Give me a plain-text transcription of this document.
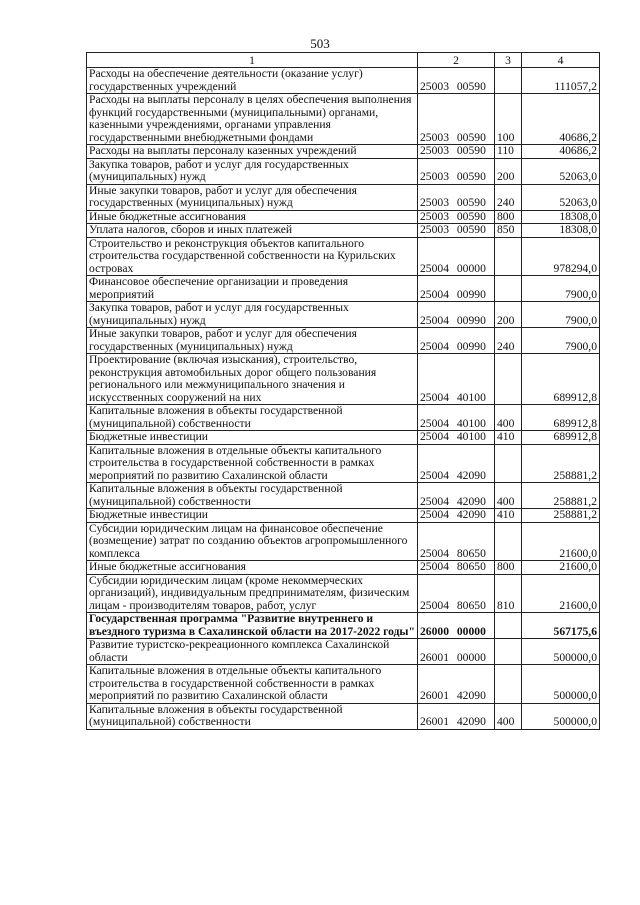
503
1	2	3	4
Расходы на обеспечение деятельности (оказание услуг) государственных учреждений	25003 00590		111057,2
Расходы на выплаты персоналу в целях обеспечения выполнения функций государственными (муниципальными) органами, казенными учреждениями, органами управления государственными внебюджетными фондами	25003 00590	100	40686,2
Расходы на выплаты персоналу казенных учреждений	25003 00590	110	40686,2
Закупка товаров, работ и услуг для государственных (муниципальных) нужд	25003 00590	200	52063,0
Иные закупки товаров, работ и услуг для обеспечения государственных (муниципальных) нужд	25003 00590	240	52063,0
Иные бюджетные ассигнования	25003 00590	800	18308,0
Уплата налогов, сборов и иных платежей	25003 00590	850	18308,0
Строительство и реконструкция объектов капитального строительства государственной собственности на Курильских островах	25004 00000		978294,0
Финансовое обеспечение организации и проведения мероприятий	25004 00990		7900,0
Закупка товаров, работ и услуг для государственных (муниципальных) нужд	25004 00990	200	7900,0
Иные закупки товаров, работ и услуг для обеспечения государственных (муниципальных) нужд	25004 00990	240	7900,0
Проектирование (включая изыскания), строительство, реконструкция автомобильных дорог общего пользования регионального или межмуниципального значения и искусственных сооружений на них	25004 40100		689912,8
Капитальные вложения в объекты государственной (муниципальной) собственности	25004 40100	400	689912,8
Бюджетные инвестиции	25004 40100	410	689912,8
Капитальные вложения в отдельные объекты капитального строительства в государственной собственности в рамках мероприятий по развитию Сахалинской области	25004 42090		258881,2
Капитальные вложения в объекты государственной (муниципальной) собственности	25004 42090	400	258881,2
Бюджетные инвестиции	25004 42090	410	258881,2
Субсидии юридическим лицам на финансовое обеспечение (возмещение) затрат по созданию объектов агропромышленного комплекса	25004 80650		21600,0
Иные бюджетные ассигнования	25004 80650	800	21600,0
Субсидии юридическим лицам (кроме некоммерческих организаций), индивидуальным предпринимателям, физическим лицам - производителям товаров, работ, услуг	25004 80650	810	21600,0
Государственная программа "Развитие внутреннего и въездного туризма в Сахалинской области на 2017-2022 годы"	26000 00000		567175,6
Развитие туристско-рекреационного комплекса Сахалинской области	26001 00000		500000,0
Капитальные вложения в отдельные объекты капитального строительства в государственной собственности в рамках мероприятий по развитию Сахалинской области	26001 42090		500000,0
Капитальные вложения в объекты государственной (муниципальной) собственности	26001 42090	400	500000,0
